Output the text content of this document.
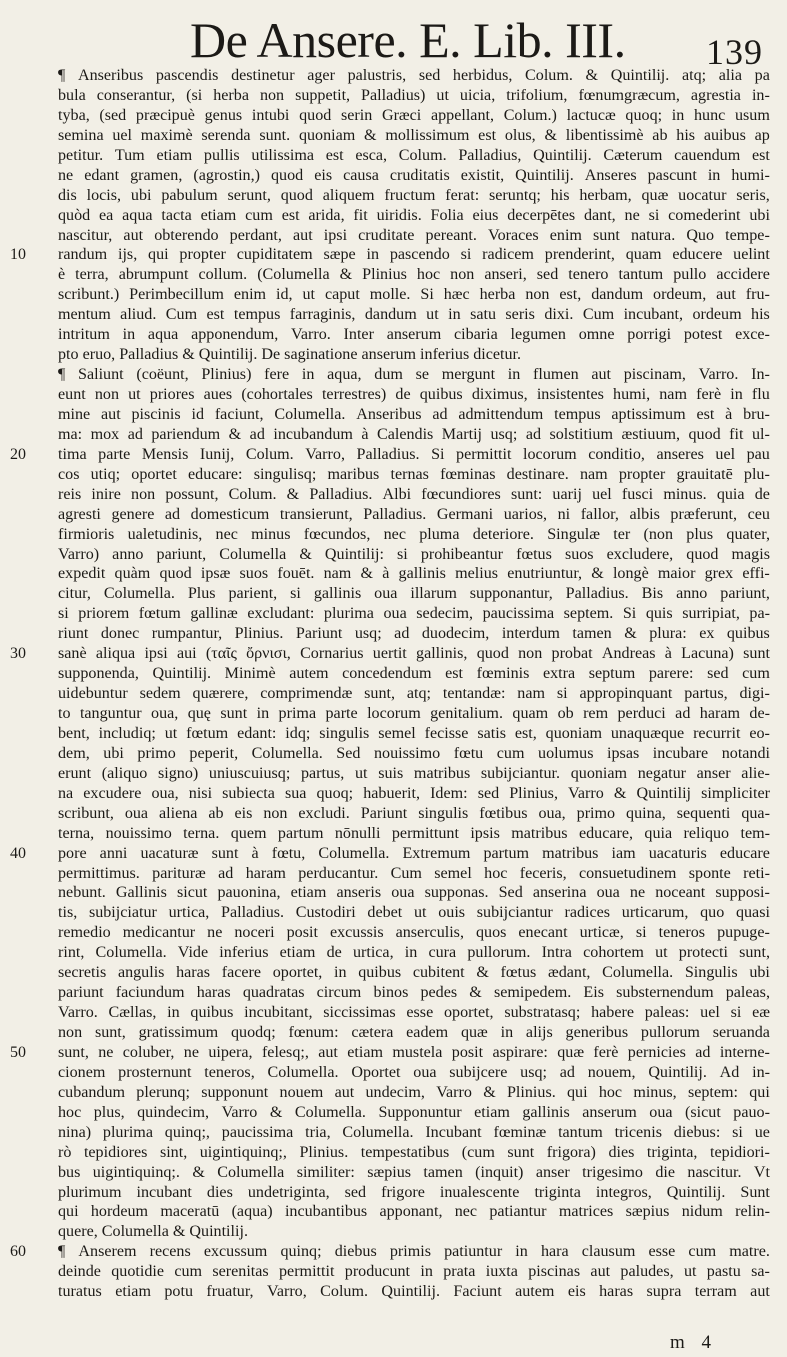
De Ansere. E. Lib. III. 139
¶ Anseribus pascendis destinetur ager palustris, sed herbidus, Colum. & Quintilij. atq; alia pa
bula conserantur, (si herba non suppetit, Palladius) ut uicia, trifolium, fœnumgræcum, agrestia in-
tyba, (sed præcipuè genus intubi quod serin Græci appellant, Colum.) lactucæ quoq; in hunc usum
semina uel maximè serenda sunt. quoniam & mollissimum est olus, & libentissimè ab his auibus ap
petitur. Tum etiam pullis utilissima est esca, Colum. Palladius, Quintilij. Cæterum cauendum est
ne edant gramen, (agrostin,) quod eis causa cruditatis existit, Quintilij. Anseres pascunt in humi-
dis locis, ubi pabulum serunt, quod aliquem fructum ferat: seruntq; his herbam, quæ uocatur seris,
quòd ea aqua tacta etiam cum est arida, fit uiridis. Folia eius decerpētes dant, ne si comederint ubi
nascitur, aut obterendo perdant, aut ipsi cruditate pereant. Voraces enim sunt natura. Quo tempe-
10	randum ijs, qui propter cupiditatem sæpe in pascendo si radicem prenderint, quam educere uelint
è terra, abrumpunt collum. (Columella & Plinius hoc non anseri, sed tenero tantum pullo accidere
scribunt.) Perimbecillum enim id, ut caput molle. Si hæc herba non est, dandum ordeum, aut fru-
mentum aliud. Cum est tempus farraginis, dandum ut in satu seris dixi. Cum incubant, ordeum his
intritum in aqua apponendum, Varro. Inter anserum cibaria legumen omne porrigi potest exce-
pto eruo, Palladius & Quintilij. De saginatione anserum inferius dicetur.
¶ Saliunt (coëunt, Plinius) fere in aqua, dum se mergunt in flumen aut piscinam, Varro. In-
eunt non ut priores aues (cohortales terrestres) de quibus diximus, insistentes humi, nam ferè in flu
mine aut piscinis id faciunt, Columella. Anseribus ad admittendum tempus aptissimum est à bru-
ma: mox ad pariendum & ad incubandum à Calendis Martij usq; ad solstitium æstiuum, quod fit ul-
20	tima parte Mensis Iunij, Colum. Varro, Palladius. Si permittit locorum conditio, anseres uel pau
cos utiq; oportet educare: singulisq; maribus ternas fœminas destinare. nam propter grauitatē plu-
reis inire non possunt, Colum. & Palladius. Albi fœcundiores sunt: uarij uel fusci minus. quia de
agresti genere ad domesticum transierunt, Palladius. Germani uarios, ni fallor, albis præferunt, ceu
firmioris ualetudinis, nec minus fœcundos, nec pluma deteriore. Singulæ ter (non plus quater,
Varro) anno pariunt, Columella & Quintilij: si prohibeantur fœtus suos excludere, quod magis
expedit quàm quod ipsæ suos fouēt. nam & à gallinis melius enutriuntur, & longè maior grex effi-
citur, Columella. Plus parient, si gallinis oua illarum supponantur, Palladius. Bis anno pariunt,
si priorem fœtum gallinæ excludant: plurima oua sedecim, paucissima septem. Si quis surripiat, pa-
riunt donec rumpantur, Plinius. Pariunt usq; ad duodecim, interdum tamen & plura: ex quibus
30	sanè aliqua ipsi aui (ταῖς ὄρνισι, Cornarius uertit gallinis, quod non probat Andreas à Lacuna) sunt
supponenda, Quintilij. Minimè autem concedendum est fœminis extra septum parere: sed cum
uidebuntur sedem quærere, comprimendæ sunt, atq; tentandæ: nam si appropinquant partus, digi-
to tanguntur oua, quę sunt in prima parte locorum genitalium. quam ob rem perduci ad haram de-
bent, includiq; ut fœtum edant: idq; singulis semel fecisse satis est, quoniam unaquæque recurrit eo-
dem, ubi primo peperit, Columella. Sed nouissimo fœtu cum uolumus ipsas incubare notandi
erunt (aliquo signo) uniuscuiusq; partus, ut suis matribus subijciantur. quoniam negatur anser alie-
na excudere oua, nisi subiecta sua quoq; habuerit, Idem: sed Plinius, Varro & Quintilij simpliciter
scribunt, oua aliena ab eis non excludi. Pariunt singulis fœtibus oua, primo quina, sequenti qua-
terna, nouissimo terna. quem partum nōnulli permittunt ipsis matribus educare, quia reliquo tem-
40	pore anni uacaturæ sunt à fœtu, Columella. Extremum partum matribus iam uacaturis educare
permittimus. parituræ ad haram perducantur. Cum semel hoc feceris, consuetudinem sponte reti-
nebunt. Gallinis sicut pauonina, etiam anseris oua supponas. Sed anserina oua ne noceant supposi-
tis, subijciatur urtica, Palladius. Custodiri debet ut ouis subijciantur radices urticarum, quo quasi
remedio medicantur ne noceri posit excussis anserculis, quos enecant urticæ, si teneros pupuge-
rint, Columella. Vide inferius etiam de urtica, in cura pullorum. Intra cohortem ut protecti sunt,
secretis angulis haras facere oportet, in quibus cubitent & fœtus ædant, Columella. Singulis ubi
pariunt faciundum haras quadratas circum binos pedes & semipedem. Eis substernendum paleas,
Varro. Cællas, in quibus incubitant, siccissimas esse oportet, substratasq; habere paleas: uel si eæ
non sunt, gratissimum quodq; fœnum: cætera eadem quæ in alijs generibus pullorum seruanda
50	sunt, ne coluber, ne uipera, felesq;, aut etiam mustela posit aspirare: quæ ferè pernicies ad interne-
cionem prosternunt teneros, Columella. Oportet oua subijcere usq; ad nouem, Quintilij. Ad in-
cubandum plerunq; supponunt nouem aut undecim, Varro & Plinius. qui hoc minus, septem: qui
hoc plus, quindecim, Varro & Columella. Supponuntur etiam gallinis anserum oua (sicut pauo-
nina) plurima quinq;, paucissima tria, Columella. Incubant fœminæ tantum tricenis diebus: si ue
rò tepidiores sint, uigintiquinq;, Plinius. tempestatibus (cum sunt frigora) dies triginta, tepidiori-
bus uigintiquinq;. & Columella similiter: sæpius tamen (inquit) anser trigesimo die nascitur. Vt
plurimum incubant dies undetriginta, sed frigore inualescente triginta integros, Quintilij. Sunt
qui hordeum maceratū (aqua) incubantibus apponant, nec patiantur matrices sæpius nidum relin-
quere, Columella & Quintilij.
60	¶ Anserem recens excussum quinq; diebus primis patiuntur in hara clausum esse cum matre.
deinde quotidie cum serenitas permittit producunt in prata iuxta piscinas aut paludes, ut pastu sa-
turatus etiam potu fruatur, Varro, Colum. Quintilij. Faciunt autem eis haras supra terram aut
m 4
